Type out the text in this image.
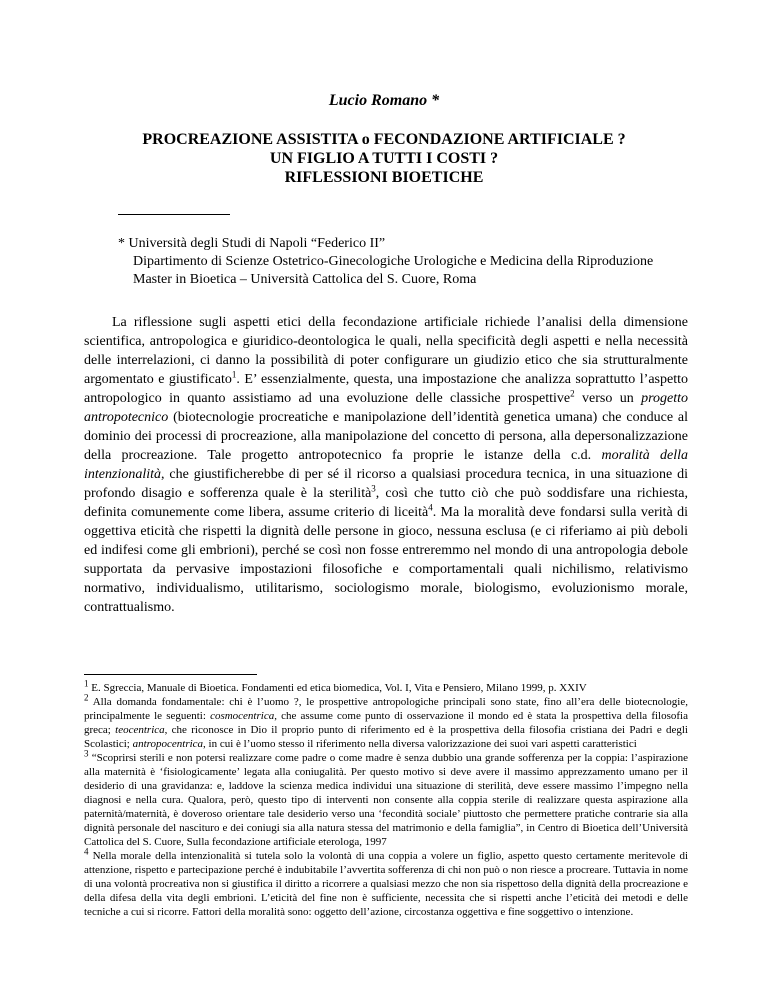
Lucio Romano *
PROCREAZIONE ASSISTITA o FECONDAZIONE ARTIFICIALE ?
UN FIGLIO A TUTTI I COSTI ?
RIFLESSIONI BIOETICHE
* Università degli Studi di Napoli “Federico II”
Dipartimento di Scienze Ostetrico-Ginecologiche Urologiche e Medicina della Riproduzione
Master in Bioetica – Università Cattolica del S. Cuore, Roma

La riflessione sugli aspetti etici della fecondazione artificiale richiede l’analisi della dimensione scientifica, antropologica e giuridico-deontologica le quali, nella specificità degli aspetti e nella necessità delle interrelazioni, ci danno la possibilità di poter configurare un giudizio etico che sia strutturalmente argomentato e giustificato$^1$. E’ essenzialmente, questa, una impostazione che analizza soprattutto l’aspetto antropologico in quanto assistiamo ad una evoluzione delle classiche prospettive$^2$ verso un progetto antropotecnico (biotecnologie procreatiche e manipolazione dell’identità genetica umana) che conduce al dominio dei processi di procreazione, alla manipolazione del concetto di persona, alla depersonalizzazione della procreazione. Tale progetto antropotecnico fa proprie le istanze della c.d. moralità della intenzionalità, che giustificherebbe di per sé il ricorso a qualsiasi procedura tecnica, in una situazione di profondo disagio e sofferenza quale è la sterilità$^3$, così che tutto ciò che può soddisfare una richiesta, definita comunemente come libera, assume criterio di liceità$^4$. Ma la moralità deve fondarsi sulla verità di oggettiva eticità che rispetti la dignità delle persone in gioco, nessuna esclusa (e ci riferiamo ai più deboli ed indifesi come gli embrioni), perché se così non fosse entreremmo nel mondo di una antropologia debole supportata da pervasive impostazioni filosofiche e comportamentali quali nichilismo, relativismo normativo, individualismo, utilitarismo, sociologismo morale, biologismo, evoluzionismo morale, contrattualismo.

$^1$ E. Sgreccia, Manuale di Bioetica. Fondamenti ed etica biomedica, Vol. I, Vita e Pensiero, Milano 1999, p. XXIV

$^2$ Alla domanda fondamentale: chi è l’uomo ?, le prospettive antropologiche principali sono state, fino all’era delle biotecnologie, principalmente le seguenti: cosmocentrica, che assume come punto di osservazione il mondo ed è stata la prospettiva della filosofia greca; teocentrica, che riconosce in Dio il proprio punto di riferimento ed è la prospettiva della filosofia cristiana dei Padri e degli Scolastici; antropocentrica, in cui è l’uomo stesso il riferimento nella diversa valorizzazione dei suoi vari aspetti caratteristici

$^3$ “Scoprirsi sterili e non potersi realizzare come padre o come madre è senza dubbio una grande sofferenza per la coppia: l’aspirazione alla maternità è ‘fisiologicamente’ legata alla coniugalità. Per questo motivo si deve avere il massimo apprezzamento umano per il desiderio di una gravidanza: e, laddove la scienza medica individui una situazione di sterilità, deve essere massimo l’impegno nella diagnosi e nella cura. Qualora, però, questo tipo di interventi non consente alla coppia sterile di realizzare questa aspirazione alla paternità/maternità, è doveroso orientare tale desiderio verso una ‘fecondità sociale’ piuttosto che permettere pratiche contrarie sia alla dignità personale del nascituro e dei coniugi sia alla natura stessa del matrimonio e della famiglia”, in Centro di Bioetica dell’Università Cattolica del S. Cuore, Sulla fecondazione artificiale eterologa, 1997

$^4$ Nella morale della intenzionalità si tutela solo la volontà di una coppia a volere un figlio, aspetto questo certamente meritevole di attenzione, rispetto e partecipazione perché è indubitabile l’avvertita sofferenza di chi non può o non riesce a procreare. Tuttavia in nome di una volontà procreativa non si giustifica il diritto a ricorrere a qualsiasi mezzo che non sia rispettoso della dignità della procreazione e della difesa della vita degli embrioni. L’eticità del fine non è sufficiente, necessita che si rispetti anche l’eticità dei metodi e delle tecniche a cui si ricorre. Fattori della moralità sono: oggetto dell’azione, circostanza oggettiva e fine soggettivo o intenzione.
